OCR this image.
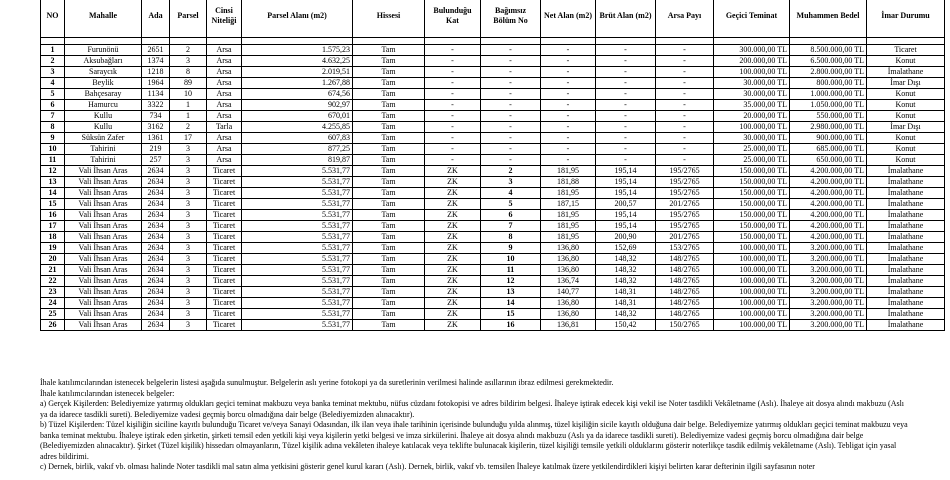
NO	Mahalle	Ada	Parsel	Cinsi Niteliği	Parsel Alanı (m2)	Hissesi	Bulunduğu Kat	Bağımsız Bölüm No	Net Alan (m2)	Brüt Alan (m2)	Arsa Payı	Geçici Teminat	Muhammen Bedel	İmar Durumu

1	Furunönü	2651	2	Arsa	1.575,23	Tam	-	-	-	-	-	300.000,00 TL	8.500.000,00 TL	Ticaret
2	Aksubağları	1374	3	Arsa	4.632,25	Tam	-	-	-	-	-	200.000,00 TL	6.500.000,00 TL	Konut
3	Saraycık	1218	8	Arsa	2.019,51	Tam	-	-	-	-	-	100.000,00 TL	2.800.000,00 TL	İmalathane
4	Beylik	1964	89	Arsa	1.267,88	Tam	-	-	-	-	-	30.000,00 TL	800.000,00 TL	İmar Dışı
5	Bahçesaray	1134	10	Arsa	674,56	Tam	-	-	-	-	-	30.000,00 TL	1.000.000,00 TL	Konut
6	Hamurcu	3322	1	Arsa	902,97	Tam	-	-	-	-	-	35.000,00 TL	1.050.000,00 TL	Konut
7	Kullu	734	1	Arsa	670,01	Tam	-	-	-	-	-	20.000,00 TL	550.000,00 TL	Konut
8	Kullu	3162	2	Tarla	4.255,85	Tam	-	-	-	-	-	100.000,00 TL	2.980.000,00 TL	İmar Dışı
9	Süksün Zafer	1361	17	Arsa	607,83	Tam	-	-	-	-	-	30.000,00 TL	900.000,00 TL	Konut
10	Tahirini	219	3	Arsa	877,25	Tam	-	-	-	-	-	25.000,00 TL	685.000,00 TL	Konut
11	Tahirini	257	3	Arsa	819,87	Tam	-	-	-	-	-	25.000,00 TL	650.000,00 TL	Konut
12	Vali İhsan Aras	2634	3	Ticaret	5.531,77	Tam	ZK	2	181,95	195,14	195/2765	150.000,00 TL	4.200.000,00 TL	İmalathane
13	Vali İhsan Aras	2634	3	Ticaret	5.531,77	Tam	ZK	3	181,88	195,14	195/2765	150.000,00 TL	4.200.000,00 TL	İmalathane
14	Vali İhsan Aras	2634	3	Ticaret	5.531,77	Tam	ZK	4	181,95	195,14	195/2765	150.000,00 TL	4.200.000,00 TL	İmalathane
15	Vali İhsan Aras	2634	3	Ticaret	5.531,77	Tam	ZK	5	187,15	200,57	201/2765	150.000,00 TL	4.200.000,00 TL	İmalathane
16	Vali İhsan Aras	2634	3	Ticaret	5.531,77	Tam	ZK	6	181,95	195,14	195/2765	150.000,00 TL	4.200.000,00 TL	İmalathane
17	Vali İhsan Aras	2634	3	Ticaret	5.531,77	Tam	ZK	7	181,95	195,14	195/2765	150.000,00 TL	4.200.000,00 TL	İmalathane
18	Vali İhsan Aras	2634	3	Ticaret	5.531,77	Tam	ZK	8	181,95	200,90	201/2765	150.000,00 TL	4.200.000,00 TL	İmalathane
19	Vali İhsan Aras	2634	3	Ticaret	5.531,77	Tam	ZK	9	136,80	152,69	153/2765	100.000,00 TL	3.200.000,00 TL	İmalathane
20	Vali İhsan Aras	2634	3	Ticaret	5.531,77	Tam	ZK	10	136,80	148,32	148/2765	100.000,00 TL	3.200.000,00 TL	İmalathane
21	Vali İhsan Aras	2634	3	Ticaret	5.531,77	Tam	ZK	11	136,80	148,32	148/2765	100.000,00 TL	3.200.000,00 TL	İmalathane
22	Vali İhsan Aras	2634	3	Ticaret	5.531,77	Tam	ZK	12	136,74	148,32	148/2765	100.000,00 TL	3.200.000,00 TL	İmalathane
23	Vali İhsan Aras	2634	3	Ticaret	5.531,77	Tam	ZK	13	140,77	148,31	148/2765	100.000,00 TL	3.200.000,00 TL	İmalathane
24	Vali İhsan Aras	2634	3	Ticaret	5.531,77	Tam	ZK	14	136,80	148,31	148/2765	100.000,00 TL	3.200.000,00 TL	İmalathane
25	Vali İhsan Aras	2634	3	Ticaret	5.531,77	Tam	ZK	15	136,80	148,32	148/2765	100.000,00 TL	3.200.000,00 TL	İmalathane
26	Vali İhsan Aras	2634	3	Ticaret	5.531,77	Tam	ZK	16	136,81	150,42	150/2765	100.000,00 TL	3.200.000,00 TL	İmalathane

İhale katılımcılarından istenecek belgelerin listesi aşağıda sunulmuştur. Belgelerin aslı yerine fotokopi ya da suretlerinin verilmesi halinde asıllarının ibraz edilmesi gerekmektedir.

İhale katılımcılarından istenecek belgeler:

a) Gerçek Kişilerden: Belediyemize yatırmış oldukları geçici teminat makbuzu veya banka teminat mektubu, nüfus cüzdanı fotokopisi ve adres bildirim belgesi. İhaleye iştirak edecek kişi vekil ise Noter tasdikli Vekâletname (Aslı). İhaleye ait dosya alındı makbuzu (Aslı ya da idarece tasdikli sureti). Belediyemize vadesi geçmiş borcu olmadığına dair belge (Belediyemizden alınacaktır).

b) Tüzel Kişilerden: Tüzel kişiliğin siciline kayıtlı bulunduğu Ticaret ve/veya Sanayi Odasından, ilk ilan veya ihale tarihinin içerisinde bulunduğu yılda alınmış, tüzel kişiliğin sicile kayıtlı olduğuna dair belge. Belediyemize yatırmış oldukları geçici teminat makbuzu veya banka teminat mektubu. İhaleye iştirak eden şirketin, şirketi temsil eden yetkili kişi veya kişilerin yetki belgesi ve imza sirkülerini. İhaleye ait dosya alındı makbuzu (Aslı ya da idarece tasdikli sureti). Belediyemize vadesi geçmiş borcu olmadığına dair belge (Belediyemizden alınacaktır). Şirket (Tüzel kişilik) hissedarı olmayanların, Tüzel kişilik adına vekâleten ihaleye katılacak veya teklifte bulunacak kişilerin, tüzel kişiliği temsile yetkili olduklarını gösterir noterlikçe tasdik edilmiş vekâletname (Aslı). Tebligat için yasal adres bildirimi.

c) Dernek, birlik, vakıf vb. olması halinde Noter tasdikli mal satın alma yetkisini gösterir genel kurul kararı (Aslı). Dernek, birlik, vakıf vb. temsilen İhaleye katılmak üzere yetkilendirdikleri kişiyi belirten karar defterinin ilgili sayfasının noter
